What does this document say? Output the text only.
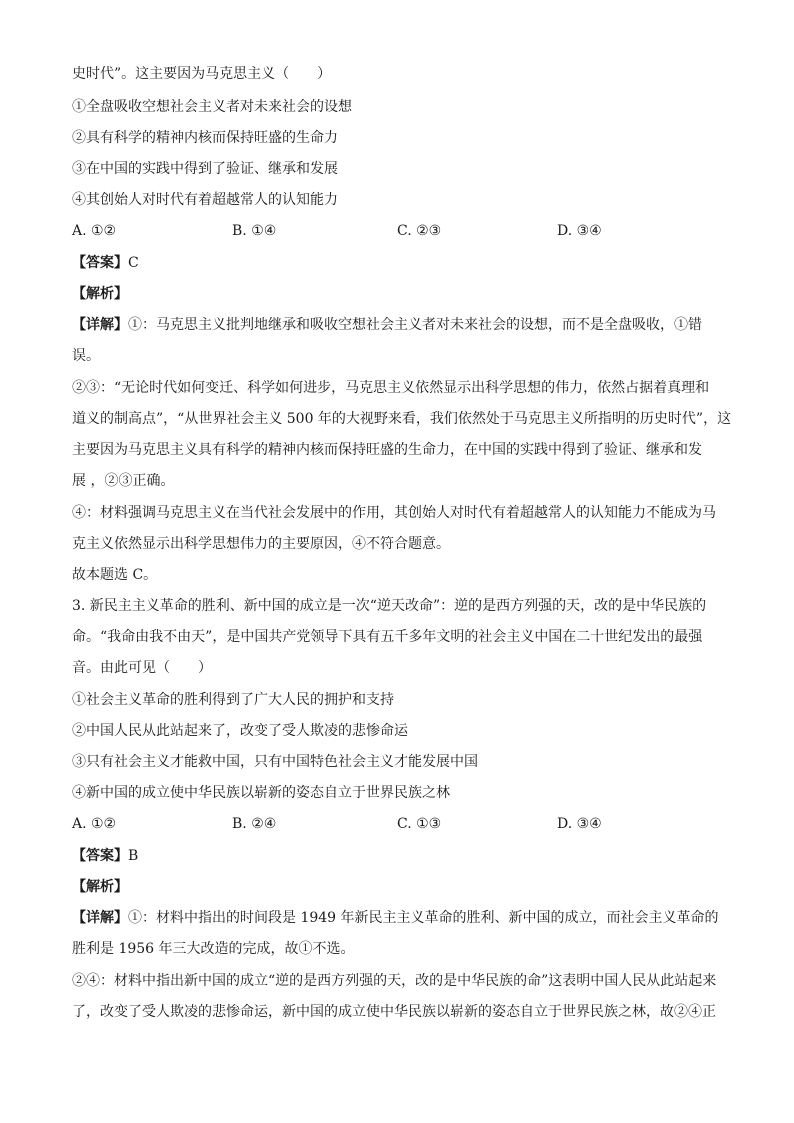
史时代”。这主要因为马克思主义（　　）
①全盘吸收空想社会主义者对未来社会的设想
②具有科学的精神内核而保持旺盛的生命力
③在中国的实践中得到了验证、继承和发展
④其创始人对时代有着超越常人的认知能力
A. ①②	B. ①④	C. ②③	D. ③④
【答案】C
【解析】
【详解】①：马克思主义批判地继承和吸收空想社会主义者对未来社会的设想，而不是全盘吸收，①错
误。
②③：“无论时代如何变迁、科学如何进步，马克思主义依然显示出科学思想的伟力，依然占据着真理和
道义的制高点”，“从世界社会主义 500 年的大视野来看，我们依然处于马克思主义所指明的历史时代”，这
主要因为马克思主义具有科学的精神内核而保持旺盛的生命力，在中国的实践中得到了验证、继承和发
展 ，②③正确。
④：材料强调马克思主义在当代社会发展中的作用，其创始人对时代有着超越常人的认知能力不能成为马
克主义依然显示出科学思想伟力的主要原因，④不符合题意。
故本题选 C。
3. 新民主主义革命的胜利、新中国的成立是一次“逆天改命”：逆的是西方列强的天，改的是中华民族的
命。“我命由我不由天”，是中国共产党领导下具有五千多年文明的社会主义中国在二十世纪发出的最强
音。由此可见（　　）
①社会主义革命的胜利得到了广大人民的拥护和支持
②中国人民从此站起来了，改变了受人欺凌的悲惨命运
③只有社会主义才能救中国，只有中国特色社会主义才能发展中国
④新中国的成立使中华民族以崭新的姿态自立于世界民族之林
A. ①②	B. ②④	C. ①③	D. ③④
【答案】B
【解析】
【详解】①：材料中指出的时间段是 1949 年新民主主义革命的胜利、新中国的成立，而社会主义革命的
胜利是 1956 年三大改造的完成，故①不选。
②④：材料中指出新中国的成立“逆的是西方列强的天，改的是中华民族的命”这表明中国人民从此站起来
了，改变了受人欺凌的悲惨命运，新中国的成立使中华民族以崭新的姿态自立于世界民族之林，故②④正
